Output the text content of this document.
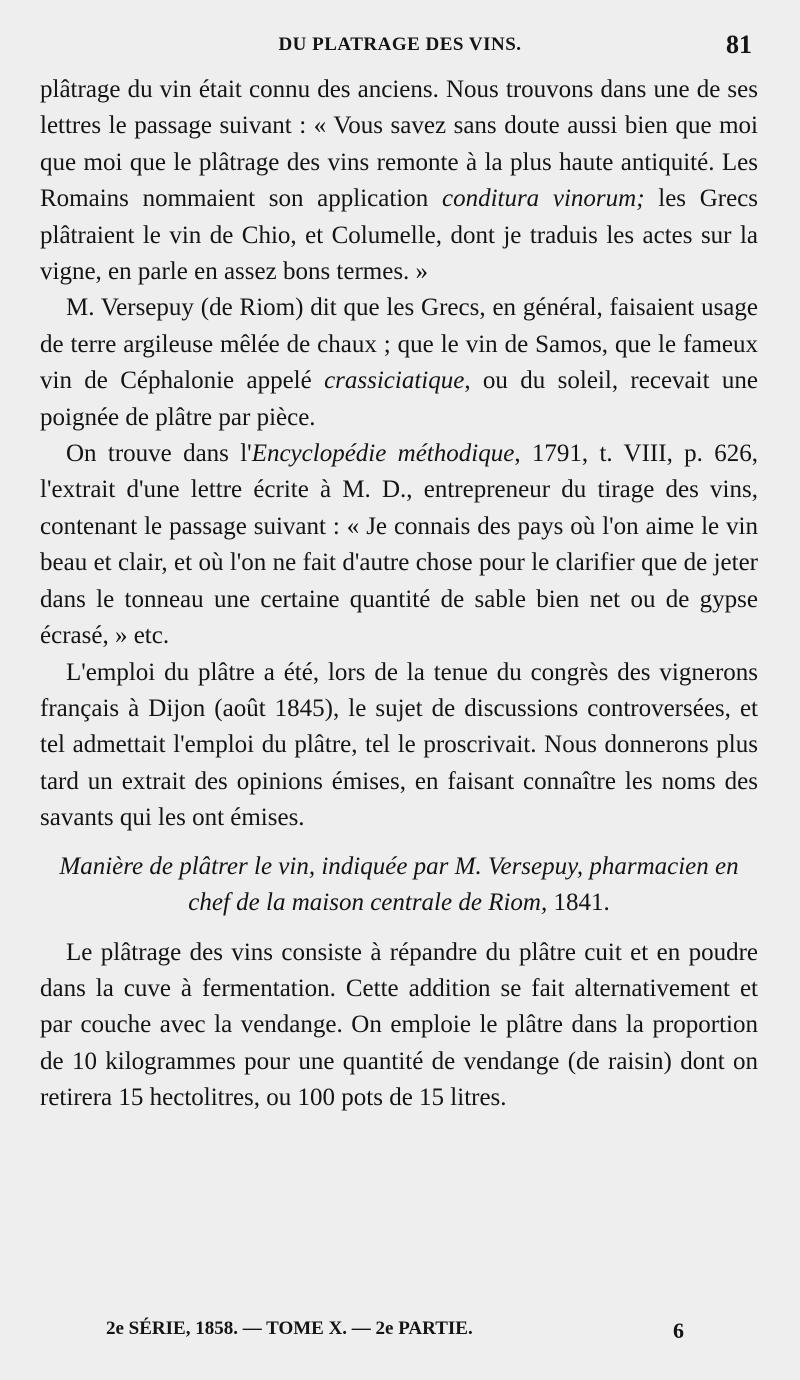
DU PLATRAGE DES VINS.	81

plâtrage du vin était connu des anciens. Nous trouvons dans une de ses lettres le passage suivant : « Vous savez sans doute aussi bien que moi que moi que le plâtrage des vins remonte à la plus haute antiquité. Les Romains nommaient son application conditura vinorum; les Grecs plâtraient le vin de Chio, et Columelle, dont je traduis les actes sur la vigne, en parle en assez bons termes. »

M. Versepuy (de Riom) dit que les Grecs, en général, faisaient usage de terre argileuse mêlée de chaux ; que le vin de Samos, que le fameux vin de Céphalonie appelé crassiciatique, ou du soleil, recevait une poignée de plâtre par pièce.

On trouve dans l'Encyclopédie méthodique, 1791, t. VIII, p. 626, l'extrait d'une lettre écrite à M. D., entrepreneur du tirage des vins, contenant le passage suivant : « Je connais des pays où l'on aime le vin beau et clair, et où l'on ne fait d'autre chose pour le clarifier que de jeter dans le tonneau une certaine quantité de sable bien net ou de gypse écrasé, » etc.

L'emploi du plâtre a été, lors de la tenue du congrès des vignerons français à Dijon (août 1845), le sujet de discussions controversées, et tel admettait l'emploi du plâtre, tel le proscrivait. Nous donnerons plus tard un extrait des opinions émises, en faisant connaître les noms des savants qui les ont émises.

Manière de plâtrer le vin, indiquée par M. Versepuy, pharmacien en chef de la maison centrale de Riom, 1841.

Le plâtrage des vins consiste à répandre du plâtre cuit et en poudre dans la cuve à fermentation. Cette addition se fait alternativement et par couche avec la vendange. On emploie le plâtre dans la proportion de 10 kilogrammes pour une quantité de vendange (de raisin) dont on retirera 15 hectolitres, ou 100 pots de 15 litres.

2e SÉRIE, 1858. — TOME X. — 2e PARTIE.	6
